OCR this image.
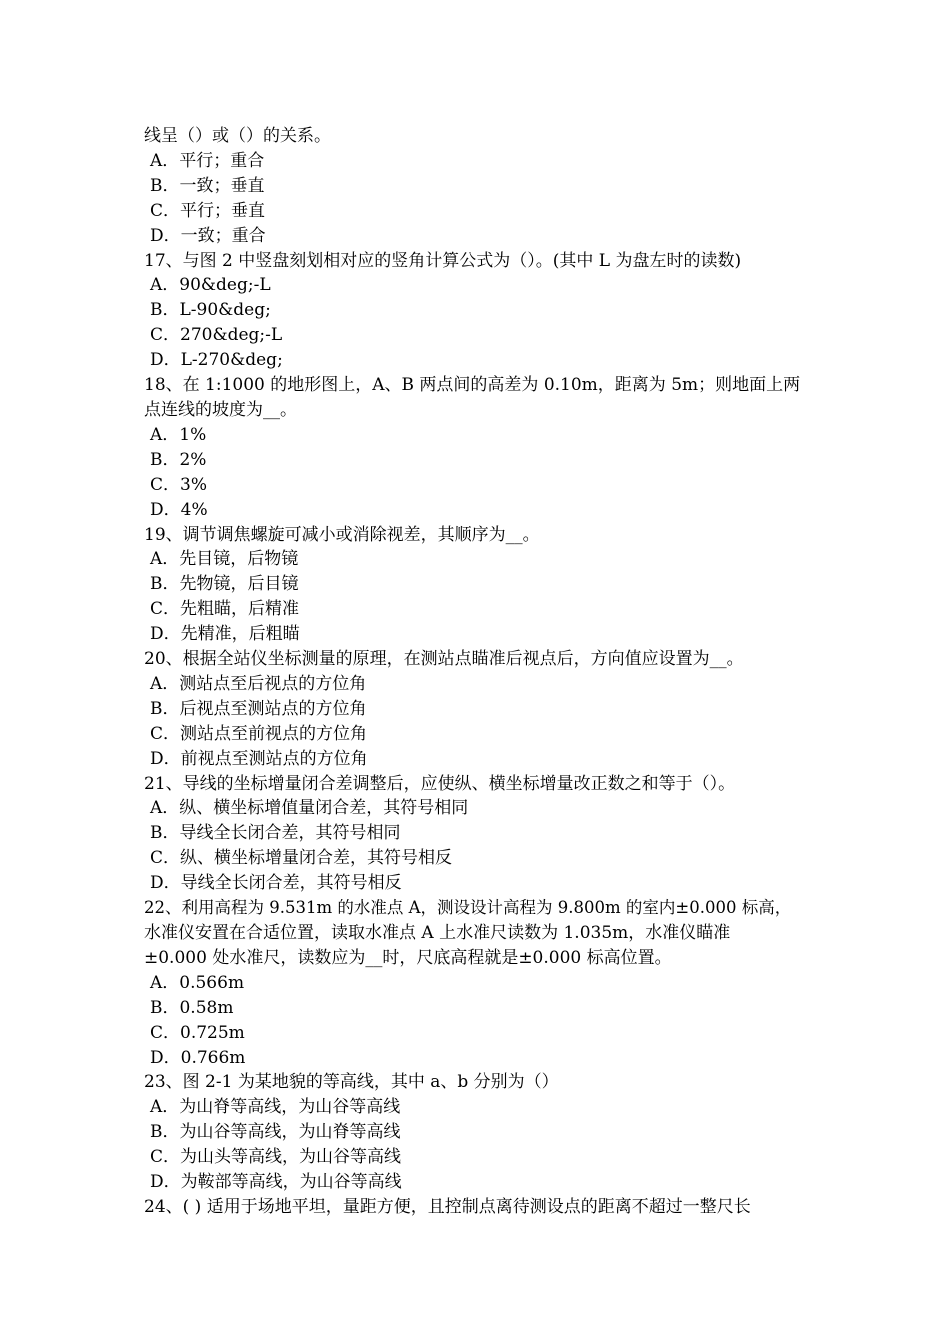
线呈（）或（）的关系。
A．平行；重合
B．一致；垂直
C．平行；垂直
D．一致；重合
17、与图 2 中竖盘刻划相对应的竖角计算公式为（）。(其中 L 为盘左时的读数)
A．90&deg;-L
B．L-90&deg;
C．270&deg;-L
D．L-270&deg;
18、在 1:1000 的地形图上，A、B 两点间的高差为 0.10m，距离为 5m；则地面上两
点连线的坡度为__。
A．1%
B．2%
C．3%
D．4%
19、调节调焦螺旋可减小或消除视差，其顺序为__。
A．先目镜，后物镜
B．先物镜，后目镜
C．先粗瞄，后精准
D．先精准，后粗瞄
20、根据全站仪坐标测量的原理，在测站点瞄准后视点后，方向值应设置为__。
A．测站点至后视点的方位角
B．后视点至测站点的方位角
C．测站点至前视点的方位角
D．前视点至测站点的方位角
21、导线的坐标增量闭合差调整后，应使纵、横坐标增量改正数之和等于（）。
A．纵、横坐标增值量闭合差，其符号相同
B．导线全长闭合差，其符号相同
C．纵、横坐标增量闭合差，其符号相反
D．导线全长闭合差，其符号相反
22、利用高程为 9.531m 的水准点 A，测设设计高程为 9.800m 的室内±0.000 标高，
水准仪安置在合适位置，读取水准点 A 上水准尺读数为 1.035m，水准仪瞄准
±0.000 处水准尺，读数应为__时，尺底高程就是±0.000 标高位置。
A．0.566m
B．0.58m
C．0.725m
D．0.766m
23、图 2-1 为某地貌的等高线，其中 a、b 分别为（）
A．为山脊等高线，为山谷等高线
B．为山谷等高线，为山脊等高线
C．为山头等高线，为山谷等高线
D．为鞍部等高线，为山谷等高线
24、( ) 适用于场地平坦，量距方便，且控制点离待测设点的距离不超过一整尺长
